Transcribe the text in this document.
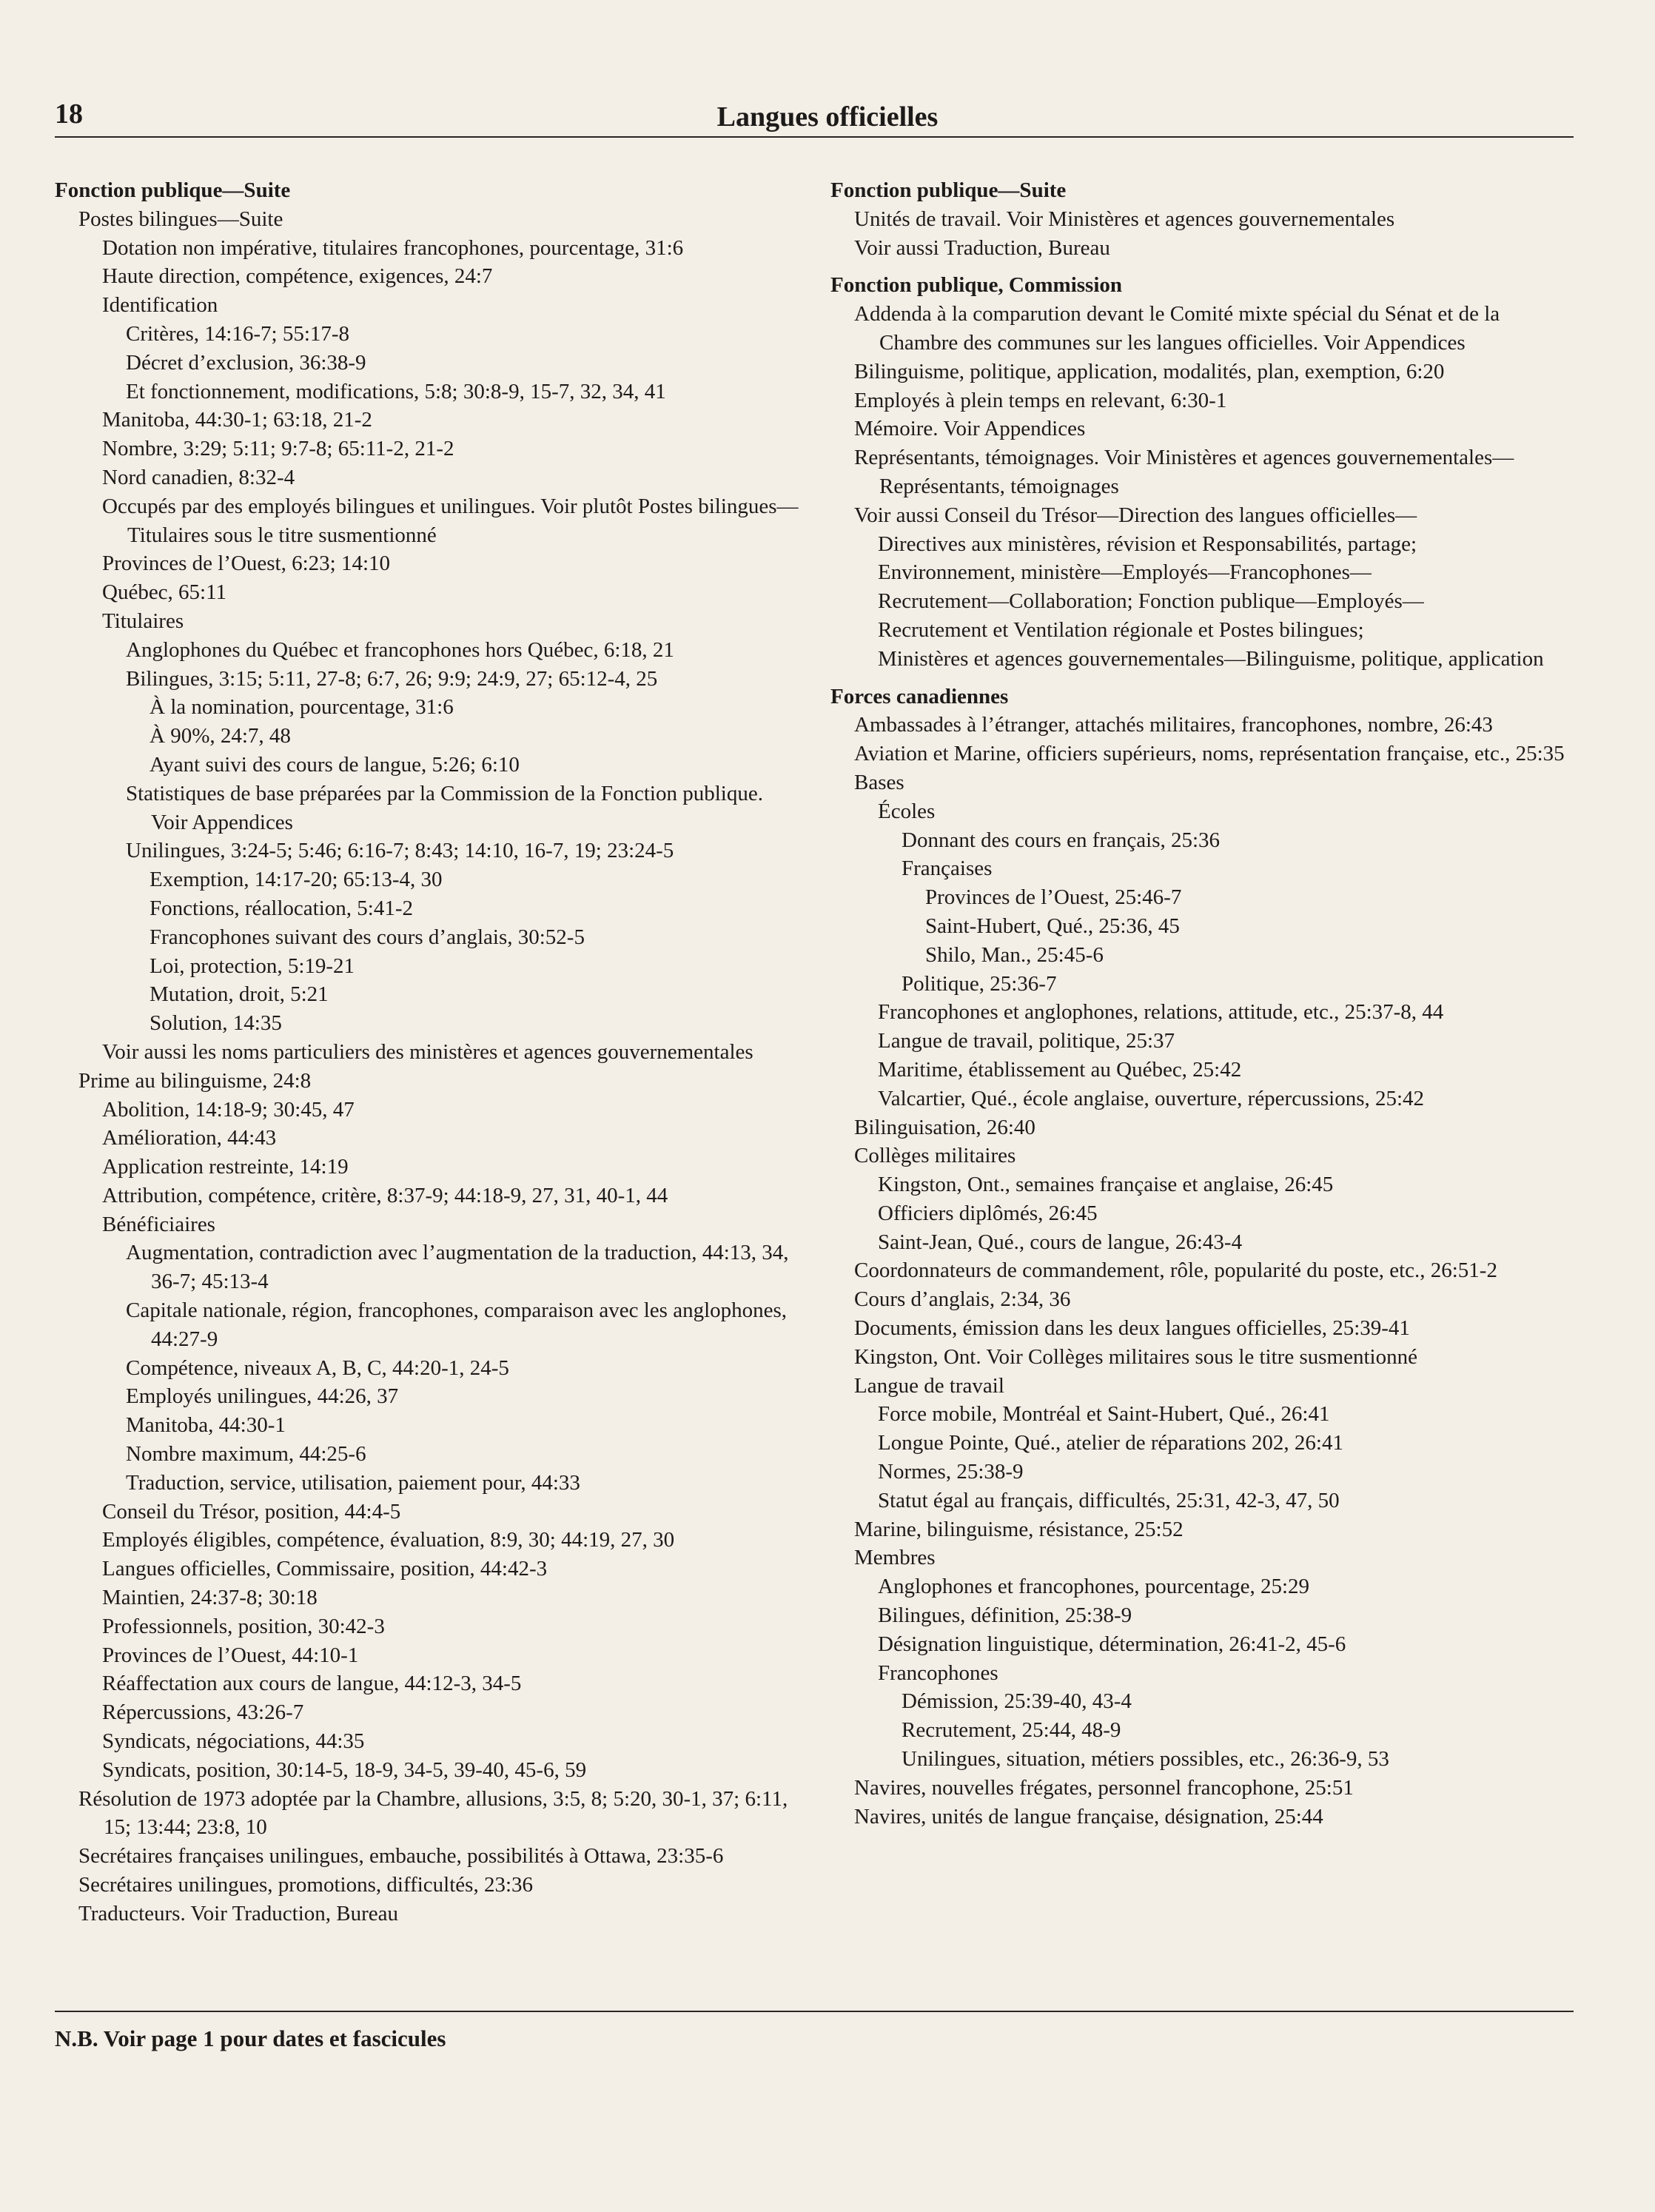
18	Langues officielles
Fonction publique—Suite
Postes bilingues—Suite
Dotation non impérative, titulaires francophones, pourcentage, 31:6
Haute direction, compétence, exigences, 24:7
Identification
Critères, 14:16-7; 55:17-8
Décret d’exclusion, 36:38-9
Et fonctionnement, modifications, 5:8; 30:8-9, 15-7, 32, 34, 41
Manitoba, 44:30-1; 63:18, 21-2
Nombre, 3:29; 5:11; 9:7-8; 65:11-2, 21-2
Nord canadien, 8:32-4
Occupés par des employés bilingues et unilingues. Voir plutôt Postes bilingues—Titulaires sous le titre susmentionné
Provinces de l’Ouest, 6:23; 14:10
Québec, 65:11
Titulaires
Anglophones du Québec et francophones hors Québec, 6:18, 21
Bilingues, 3:15; 5:11, 27-8; 6:7, 26; 9:9; 24:9, 27; 65:12-4, 25
À la nomination, pourcentage, 31:6
À 90%, 24:7, 48
Ayant suivi des cours de langue, 5:26; 6:10
Statistiques de base préparées par la Commission de la Fonction publique. Voir Appendices
Unilingues, 3:24-5; 5:46; 6:16-7; 8:43; 14:10, 16-7, 19; 23:24-5
Exemption, 14:17-20; 65:13-4, 30
Fonctions, réallocation, 5:41-2
Francophones suivant des cours d’anglais, 30:52-5
Loi, protection, 5:19-21
Mutation, droit, 5:21
Solution, 14:35
Voir aussi les noms particuliers des ministères et agences gouvernementales
Prime au bilinguisme, 24:8
Abolition, 14:18-9; 30:45, 47
Amélioration, 44:43
Application restreinte, 14:19
Attribution, compétence, critère, 8:37-9; 44:18-9, 27, 31, 40-1, 44
Bénéficiaires
Augmentation, contradiction avec l’augmentation de la traduction, 44:13, 34, 36-7; 45:13-4
Capitale nationale, région, francophones, comparaison avec les anglophones, 44:27-9
Compétence, niveaux A, B, C, 44:20-1, 24-5
Employés unilingues, 44:26, 37
Manitoba, 44:30-1
Nombre maximum, 44:25-6
Traduction, service, utilisation, paiement pour, 44:33
Conseil du Trésor, position, 44:4-5
Employés éligibles, compétence, évaluation, 8:9, 30; 44:19, 27, 30
Langues officielles, Commissaire, position, 44:42-3
Maintien, 24:37-8; 30:18
Professionnels, position, 30:42-3
Provinces de l’Ouest, 44:10-1
Réaffectation aux cours de langue, 44:12-3, 34-5
Répercussions, 43:26-7
Syndicats, négociations, 44:35
Syndicats, position, 30:14-5, 18-9, 34-5, 39-40, 45-6, 59
Résolution de 1973 adoptée par la Chambre, allusions, 3:5, 8; 5:20, 30-1, 37; 6:11, 15; 13:44; 23:8, 10
Secrétaires françaises unilingues, embauche, possibilités à Ottawa, 23:35-6
Secrétaires unilingues, promotions, difficultés, 23:36
Traducteurs. Voir Traduction, Bureau
Fonction publique—Suite
Unités de travail. Voir Ministères et agences gouvernementales
Voir aussi Traduction, Bureau
Fonction publique, Commission
Addenda à la comparution devant le Comité mixte spécial du Sénat et de la Chambre des communes sur les langues officielles. Voir Appendices
Bilinguisme, politique, application, modalités, plan, exemption, 6:20
Employés à plein temps en relevant, 6:30-1
Mémoire. Voir Appendices
Représentants, témoignages. Voir Ministères et agences gouvernementales—Représentants, témoignages
Voir aussi Conseil du Trésor—Direction des langues officielles—
Directives aux ministères, révision et Responsabilités, partage;
Environnement, ministère—Employés—Francophones—
Recrutement—Collaboration; Fonction publique—Employés—
Recrutement et Ventilation régionale et Postes bilingues;
Ministères et agences gouvernementales—Bilinguisme, politique, application
Forces canadiennes
Ambassades à l’étranger, attachés militaires, francophones, nombre, 26:43
Aviation et Marine, officiers supérieurs, noms, représentation française, etc., 25:35
Bases
Écoles
Donnant des cours en français, 25:36
Françaises
Provinces de l’Ouest, 25:46-7
Saint-Hubert, Qué., 25:36, 45
Shilo, Man., 25:45-6
Politique, 25:36-7
Francophones et anglophones, relations, attitude, etc., 25:37-8, 44
Langue de travail, politique, 25:37
Maritime, établissement au Québec, 25:42
Valcartier, Qué., école anglaise, ouverture, répercussions, 25:42
Bilinguisation, 26:40
Collèges militaires
Kingston, Ont., semaines française et anglaise, 26:45
Officiers diplômés, 26:45
Saint-Jean, Qué., cours de langue, 26:43-4
Coordonnateurs de commandement, rôle, popularité du poste, etc., 26:51-2
Cours d’anglais, 2:34, 36
Documents, émission dans les deux langues officielles, 25:39-41
Kingston, Ont. Voir Collèges militaires sous le titre susmentionné
Langue de travail
Force mobile, Montréal et Saint-Hubert, Qué., 26:41
Longue Pointe, Qué., atelier de réparations 202, 26:41
Normes, 25:38-9
Statut égal au français, difficultés, 25:31, 42-3, 47, 50
Marine, bilinguisme, résistance, 25:52
Membres
Anglophones et francophones, pourcentage, 25:29
Bilingues, définition, 25:38-9
Désignation linguistique, détermination, 26:41-2, 45-6
Francophones
Démission, 25:39-40, 43-4
Recrutement, 25:44, 48-9
Unilingues, situation, métiers possibles, etc., 26:36-9, 53
Navires, nouvelles frégates, personnel francophone, 25:51
Navires, unités de langue française, désignation, 25:44
N.B. Voir page 1 pour dates et fascicules
